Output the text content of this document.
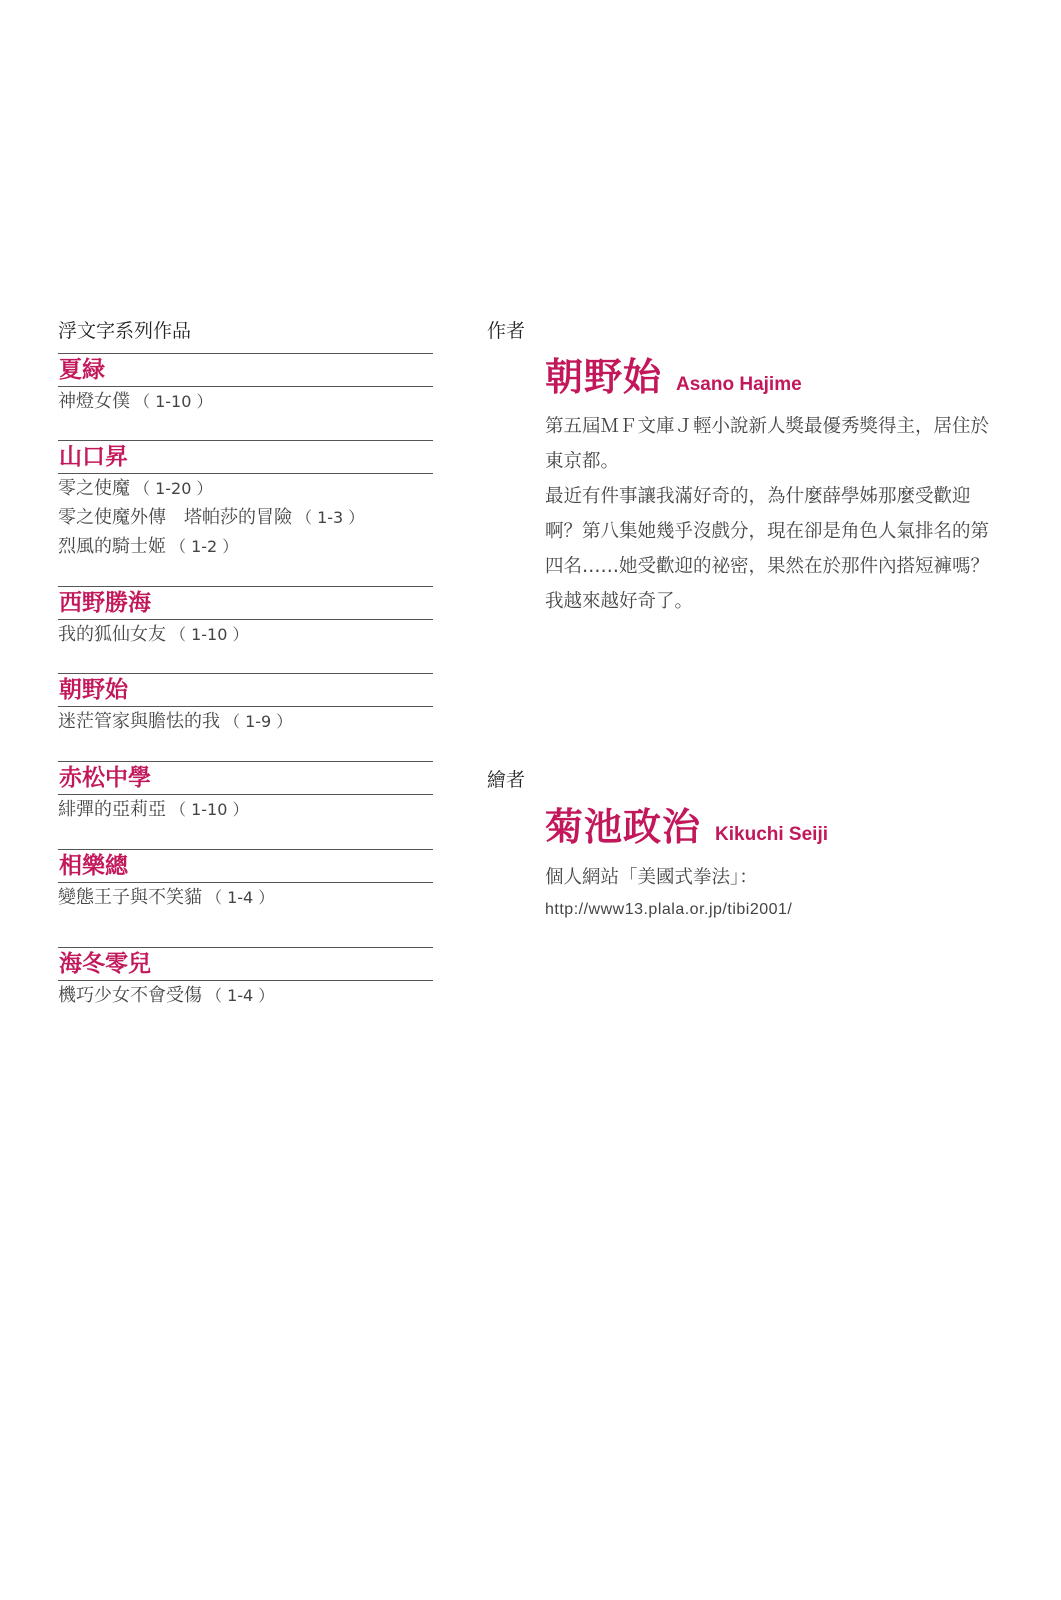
浮文字系列作品
夏緑
神燈女僕 （ 1-10 ）
山口昇
零之使魔 （ 1-20 ）
零之使魔外傳　塔帕莎的冒險 （ 1-3 ）
烈風的騎士姬 （ 1-2 ）
西野勝海
我的狐仙女友 （ 1-10 ）
朝野始
迷茫管家與膽怯的我 （ 1-9 ）
赤松中學
緋彈的亞莉亞 （ 1-10 ）
相樂總
變態王子與不笑貓 （ 1-4 ）
海冬零兒
機巧少女不會受傷 （ 1-4 ）
作者
朝野始 Asano Hajime

第五屆ＭＦ文庫Ｊ輕小說新人獎最優秀獎得主，居住於東京都。

最近有件事讓我滿好奇的，為什麼薛學姊那麼受歡迎啊？第八集她幾乎沒戲分，現在卻是角色人氣排名的第四名……她受歡迎的祕密，果然在於那件內搭短褲嗎？我越來越好奇了。

繪者
菊池政治 Kikuchi Seiji
個人網站「美國式拳法」：
http://www13.plala.or.jp/tibi2001/
